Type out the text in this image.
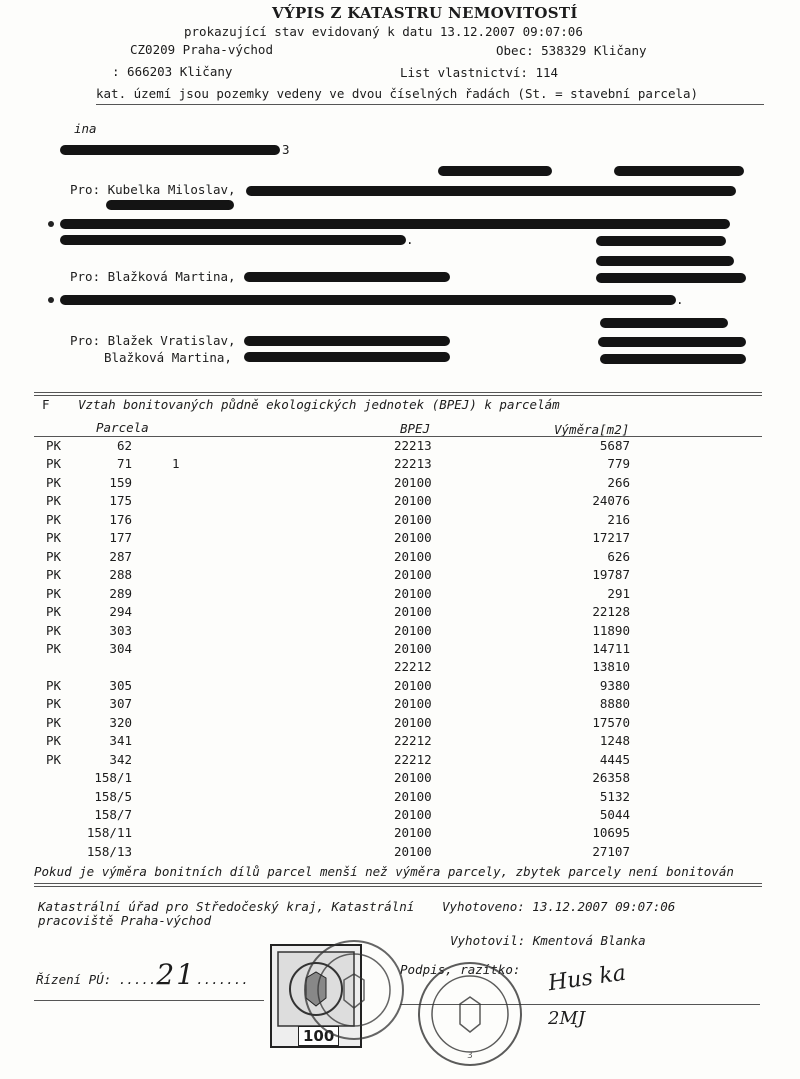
VÝPIS Z KATASTRU NEMOVITOSTÍ
prokazující stav evidovaný k datu 13.12.2007 09:07:06
CZ0209 Praha-východ	Obec: 538329 Kličany
: 666203 Kličany	List vlastnictví: 114
kat. území jsou pozemky vedeny ve dvou číselných řadách (St. = stavební parcela)
ina
3
Pro: Kubelka Miloslav,
.
Pro: Blažková Martina,
.
Pro: Blažek Vratislav,
Blažková Martina,
F Vztah bonitovaných půdně ekologických jednotek (BPEJ) k parcelám
Parcela	BPEJ	Výměra[m2]
PK	62	22213	5687
PK	71	1	22213	779
PK	159	20100	266
PK	175	20100	24076
PK	176	20100	216
PK	177	20100	17217
PK	287	20100	626
PK	288	20100	19787
PK	289	20100	291
PK	294	20100	22128
PK	303	20100	11890
PK	304	20100	14711
22212	13810
PK	305	20100	9380
PK	307	20100	8880
PK	320	20100	17570
PK	341	22212	1248
PK	342	22212	4445
158/1	20100	26358
158/5	20100	5132
158/7	20100	5044
158/11	20100	10695
158/13	20100	27107
Pokud je výměra bonitních dílů parcel menší než výměra parcely, zbytek parcely není bonitován
Katastrální úřad pro Středočeský kraj, Katastrální
pracoviště Praha-východ
Vyhotoveno: 13.12.2007 09:07:06
Vyhotovil: Kmentová Blanka
Řízení PÚ: .....21.......
Podpis, razítko: Hus ka
2MJ
100
3
